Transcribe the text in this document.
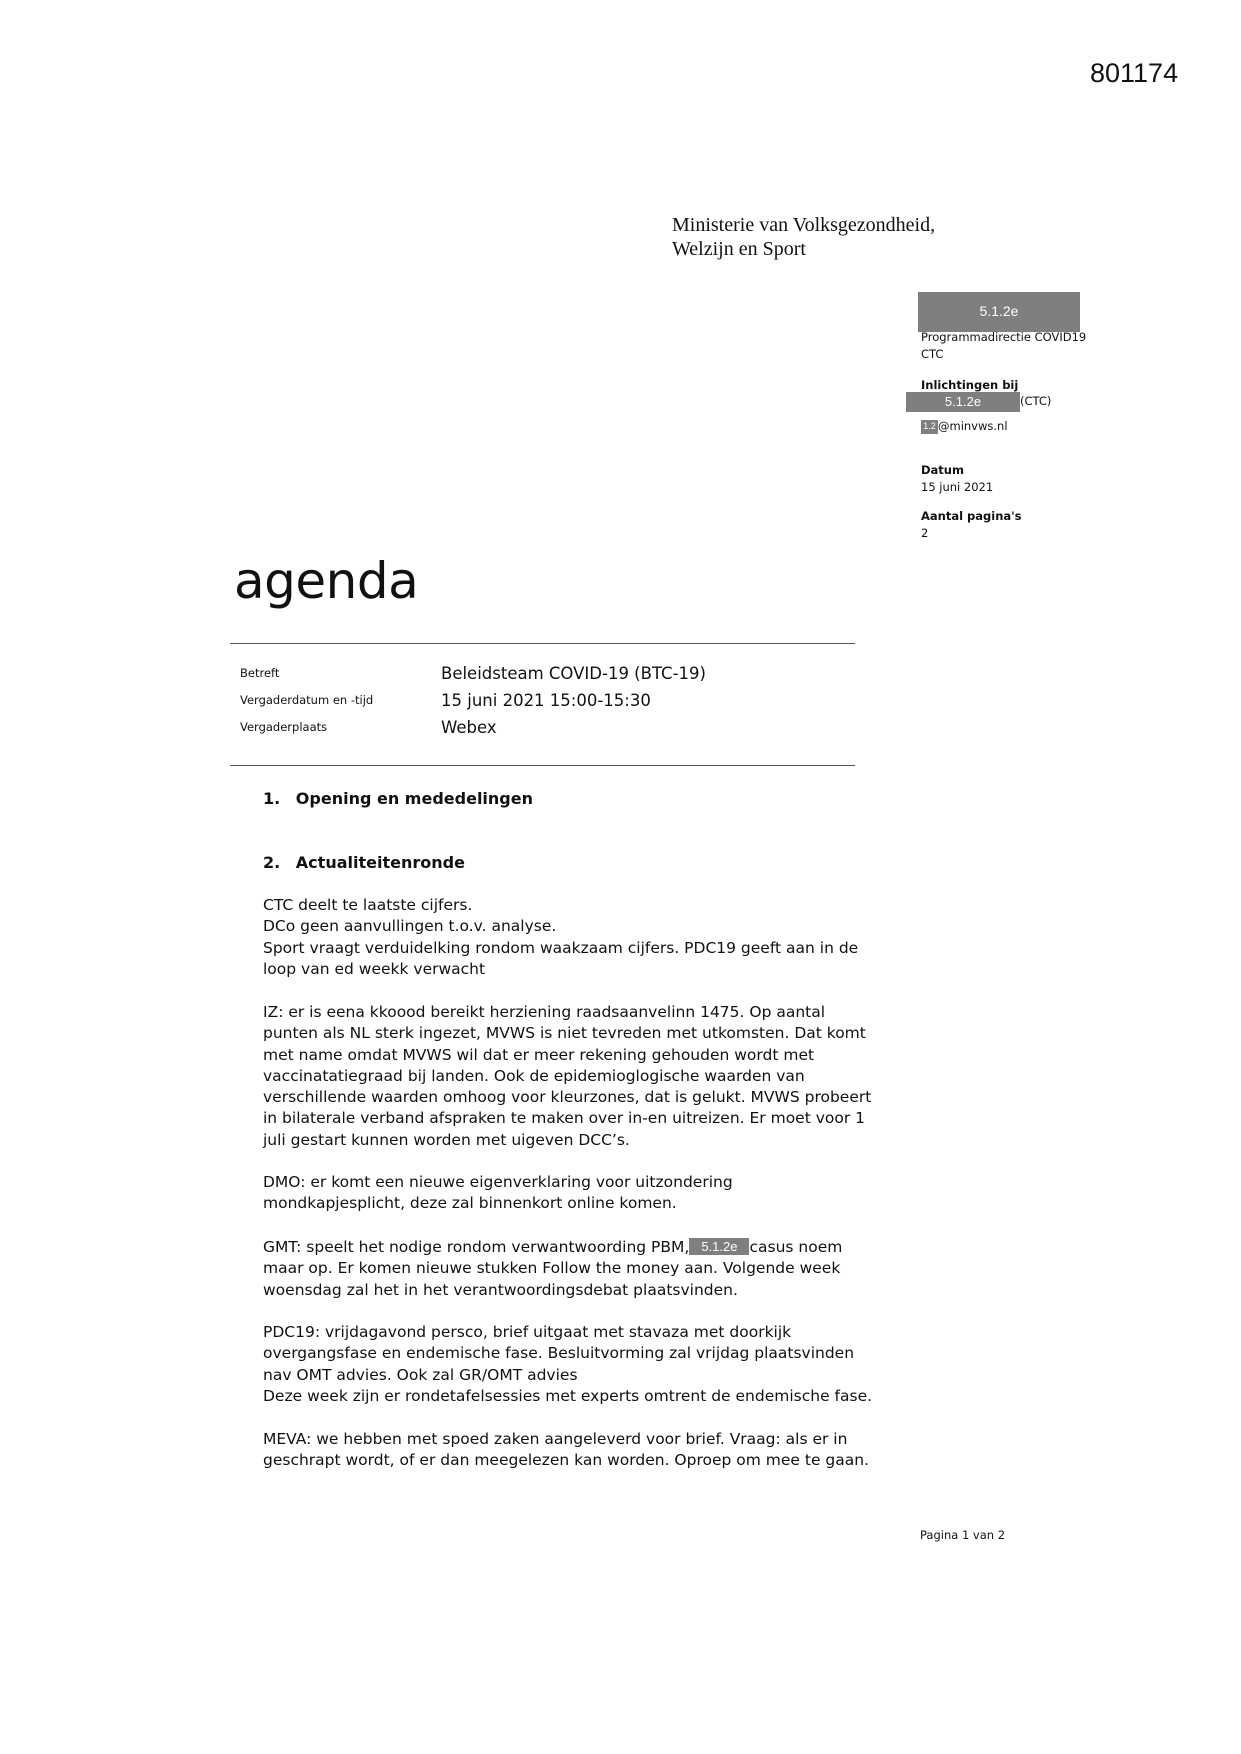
801174
Ministerie van Volksgezondheid,
Welzijn en Sport
5.1.2e
Programmadirectie COVID19
CTC
Inlichtingen bij
5.1.2e	(CTC)
1.2 @minvws.nl
Datum
15 juni 2021
Aantal pagina's
2
agenda
Betreft	Beleidsteam COVID-19 (BTC-19)
Vergaderdatum en -tijd	15 juni 2021 15:00-15:30
Vergaderplaats	Webex
1. Opening en mededelingen
2. Actualiteitenronde
CTC deelt te laatste cijfers.
DCo geen aanvullingen t.o.v. analyse.
Sport vraagt verduidelking rondom waakzaam cijfers. PDC19 geeft aan in de
loop van ed weekk verwacht
IZ: er is eena kkoood bereikt herziening raadsaanvelinn 1475. Op aantal
punten als NL sterk ingezet, MVWS is niet tevreden met utkomsten. Dat komt
met name omdat MVWS wil dat er meer rekening gehouden wordt met
vaccinatatiegraad bij landen. Ook de epidemioglogische waarden van
verschillende waarden omhoog voor kleurzones, dat is gelukt. MVWS probeert
in bilaterale verband afspraken te maken over in-en uitreizen. Er moet voor 1
juli gestart kunnen worden met uigeven DCC’s.
DMO: er komt een nieuwe eigenverklaring voor uitzondering
mondkapjesplicht, deze zal binnenkort online komen.
GMT: speelt het nodige rondom verwantwoording PBM, 5.1.2e casus noem
maar op. Er komen nieuwe stukken Follow the money aan. Volgende week
woensdag zal het in het verantwoordingsdebat plaatsvinden.
PDC19: vrijdagavond persco, brief uitgaat met stavaza met doorkijk
overgangsfase en endemische fase. Besluitvorming zal vrijdag plaatsvinden
nav OMT advies. Ook zal GR/OMT advies
Deze week zijn er rondetafelsessies met experts omtrent de endemische fase.
MEVA: we hebben met spoed zaken aangeleverd voor brief. Vraag: als er in
geschrapt wordt, of er dan meegelezen kan worden. Oproep om mee te gaan.
Pagina 1 van 2
